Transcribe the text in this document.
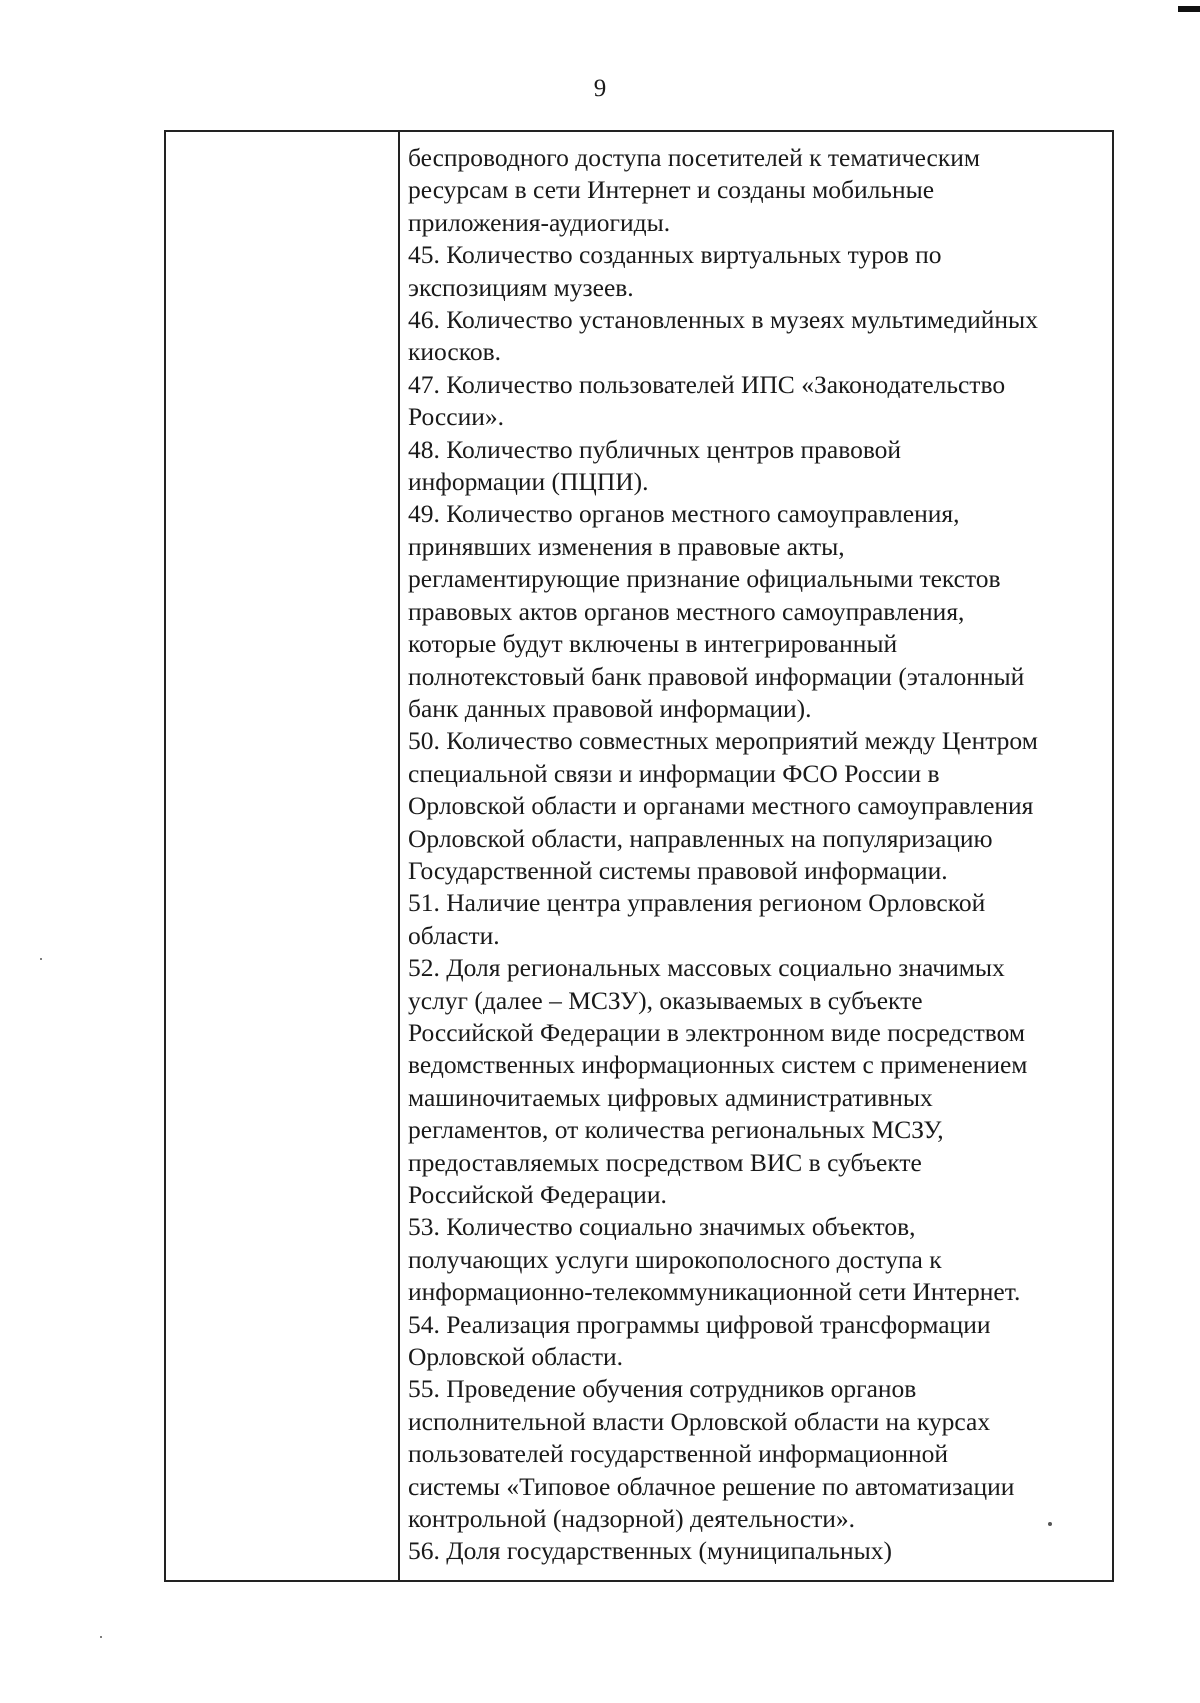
9
беспроводного доступа посетителей к тематическим
ресурсам в сети Интернет и созданы мобильные
приложения-аудиогиды.
45. Количество созданных виртуальных туров по
экспозициям музеев.
46. Количество установленных в музеях мультимедийных
киосков.
47. Количество пользователей ИПС «Законодательство
России».
48. Количество публичных центров правовой
информации (ПЦПИ).
49. Количество органов местного самоуправления,
принявших изменения в правовые акты,
регламентирующие признание официальными текстов
правовых актов органов местного самоуправления,
которые будут включены в интегрированный
полнотекстовый банк правовой информации (эталонный
банк данных правовой информации).
50. Количество совместных мероприятий между Центром
специальной связи и информации ФСО России в
Орловской области и органами местного самоуправления
Орловской области, направленных на популяризацию
Государственной системы правовой информации.
51. Наличие центра управления регионом Орловской
области.
52. Доля региональных массовых социально значимых
услуг (далее – МСЗУ), оказываемых в субъекте
Российской Федерации в электронном виде посредством
ведомственных информационных систем с применением
машиночитаемых цифровых административных
регламентов, от количества региональных МСЗУ,
предоставляемых посредством ВИС в субъекте
Российской Федерации.
53. Количество социально значимых объектов,
получающих услуги широкополосного доступа к
информационно-телекоммуникационной сети Интернет.
54. Реализация программы цифровой трансформации
Орловской области.
55. Проведение обучения сотрудников органов
исполнительной власти Орловской области на курсах
пользователей государственной информационной
системы «Типовое облачное решение по автоматизации
контрольной (надзорной) деятельности».
56. Доля государственных (муниципальных)
